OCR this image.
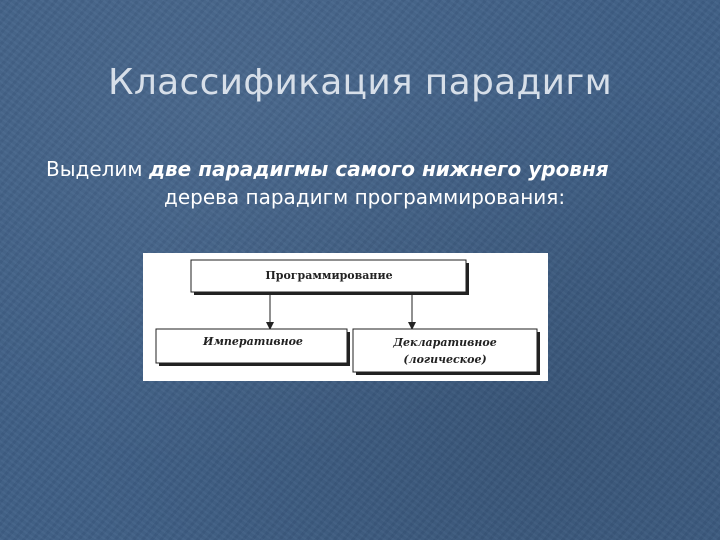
Классификация парадигм
Выделим две парадигмы самого нижнего уровня
дерева парадигм программирования:
Программирование
Императивное	Декларативное
(логическое)
